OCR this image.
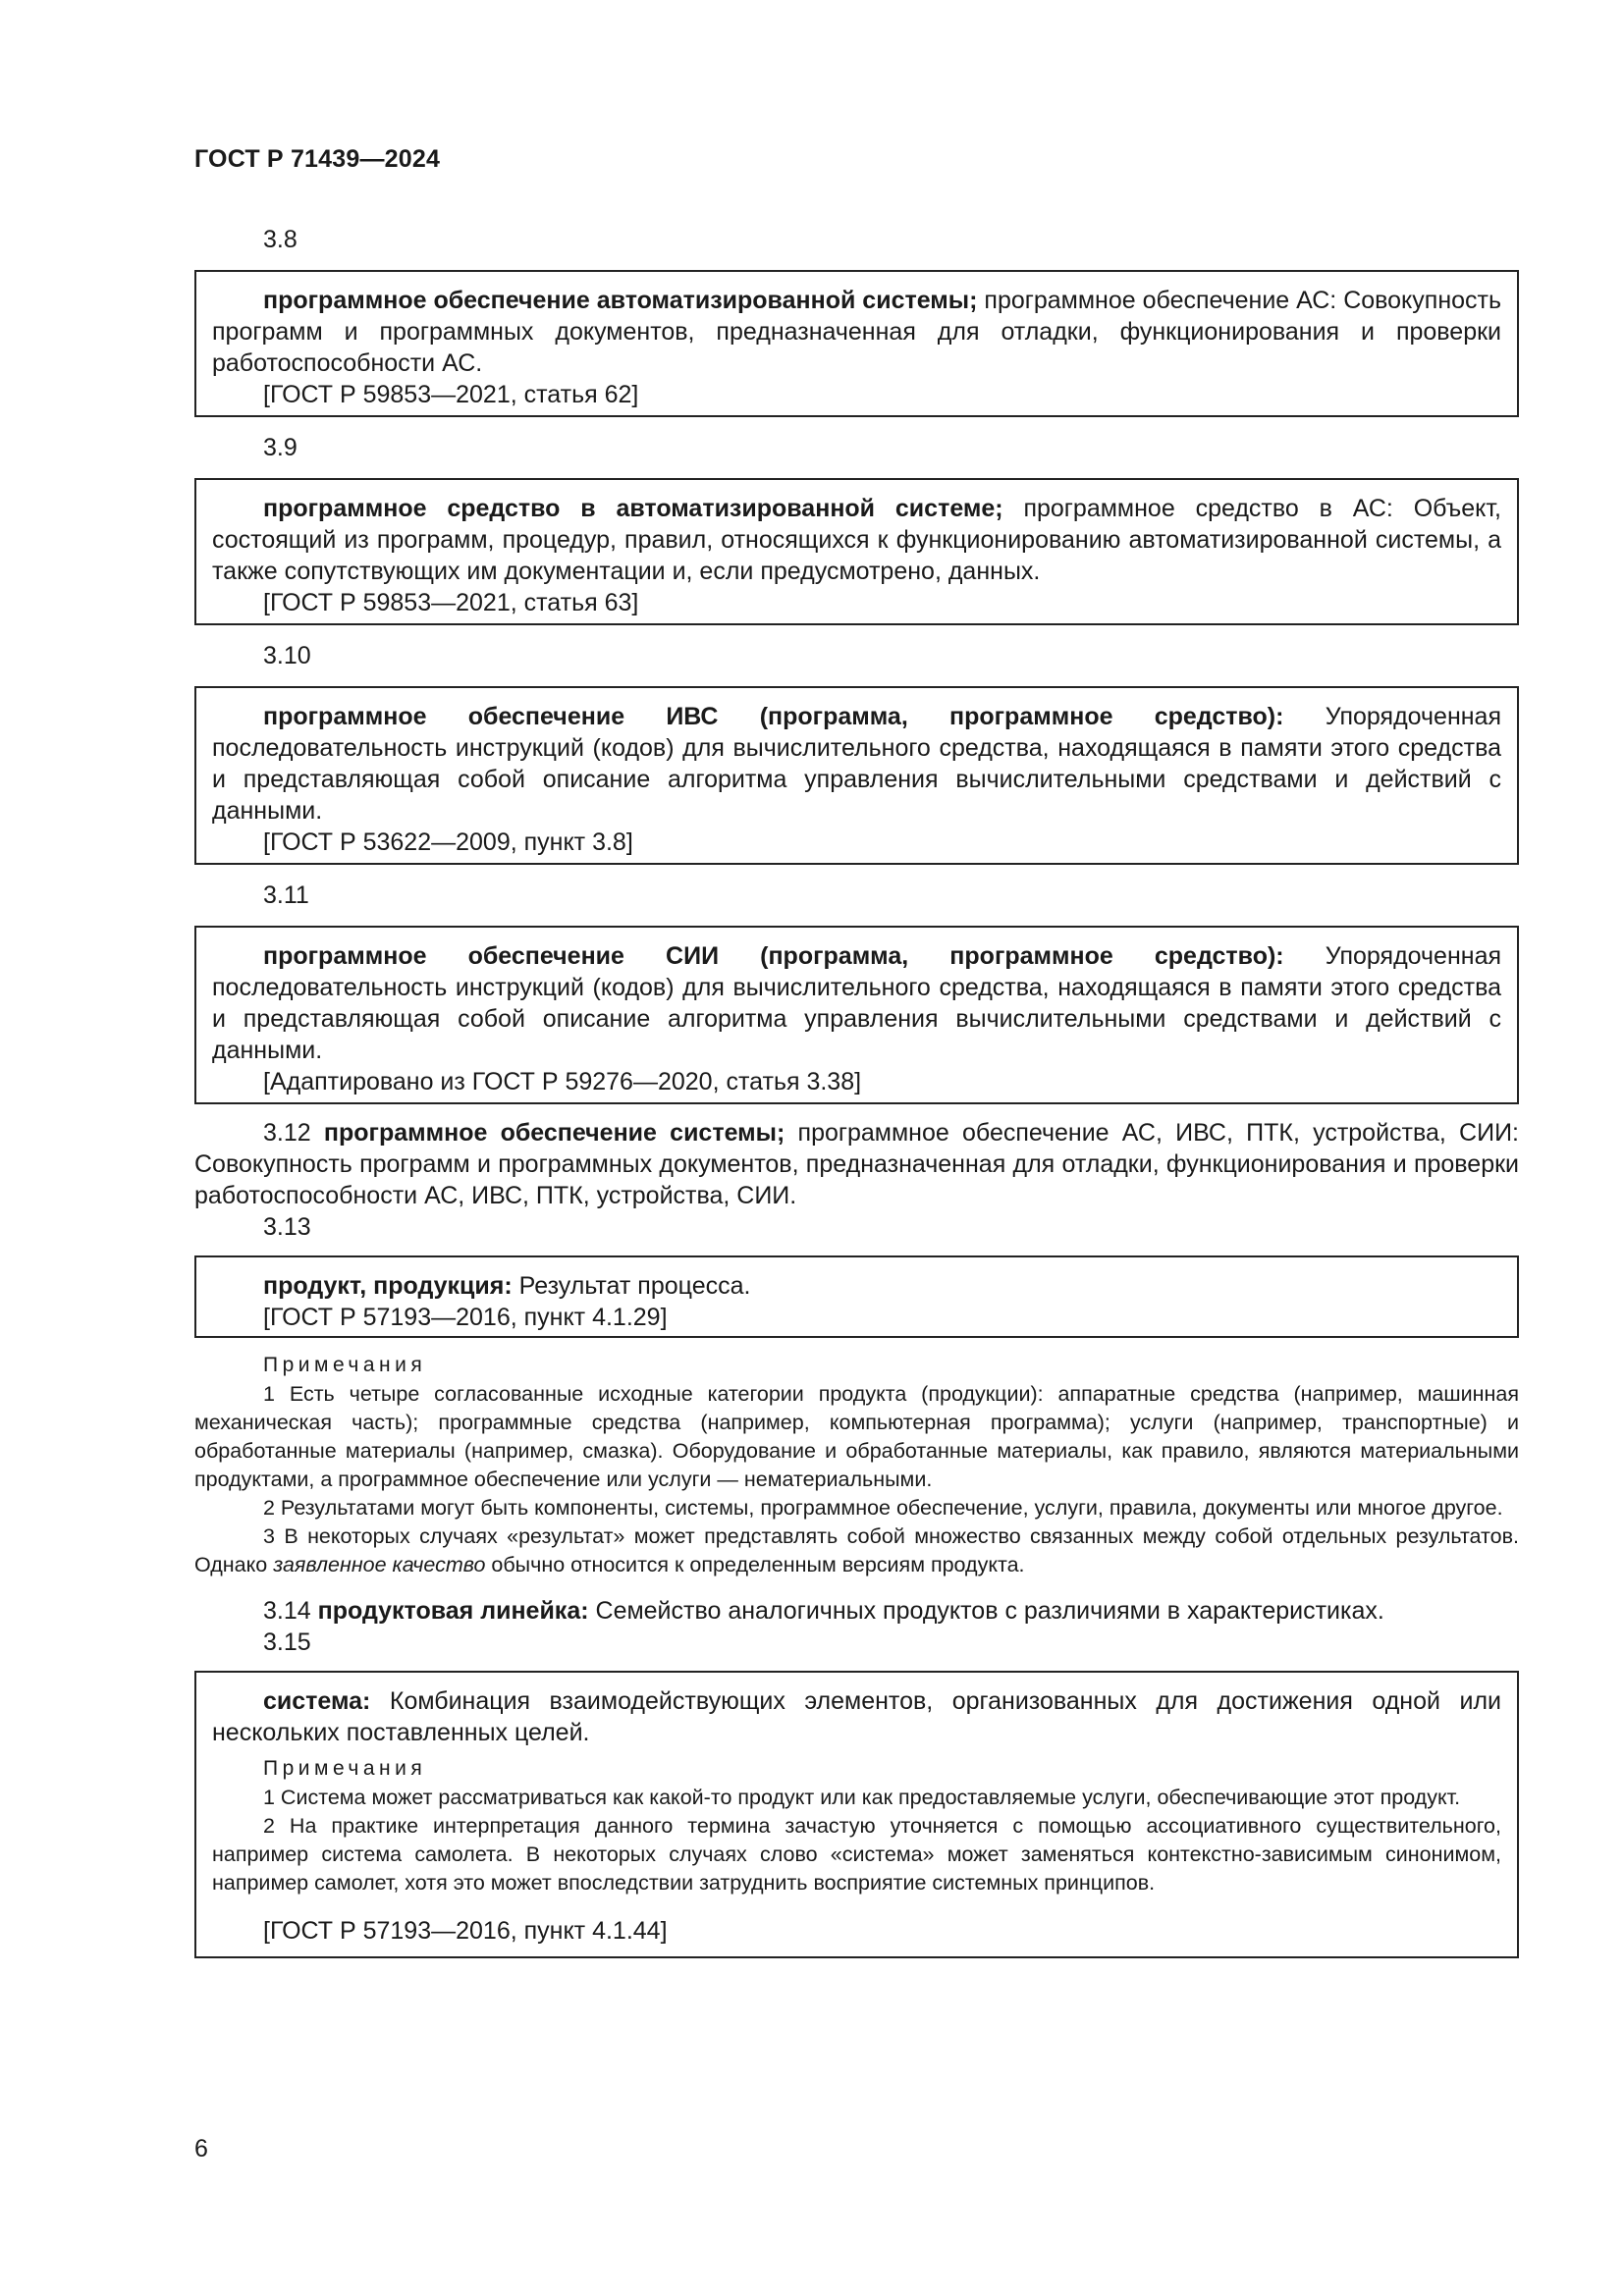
ГОСТ Р 71439—2024
3.8

программное обеспечение автоматизированной системы; программное обеспечение АС: Совокупность программ и программных документов, предназначенная для отладки, функционирования и проверки работоспособности АС.

[ГОСТ Р 59853—2021, статья 62]

3.9

программное средство в автоматизированной системе; программное средство в АС: Объект, состоящий из программ, процедур, правил, относящихся к функционированию автоматизированной системы, а также сопутствующих им документации и, если предусмотрено, данных.

[ГОСТ Р 59853—2021, статья 63]

3.10

программное обеспечение ИВС (программа, программное средство): Упорядоченная последовательность инструкций (кодов) для вычислительного средства, находящаяся в памяти этого средства и представляющая собой описание алгоритма управления вычислительными средствами и действий с данными.

[ГОСТ Р 53622—2009, пункт 3.8]

3.11

программное обеспечение СИИ (программа, программное средство): Упорядоченная последовательность инструкций (кодов) для вычислительного средства, находящаяся в памяти этого средства и представляющая собой описание алгоритма управления вычислительными средствами и действий с данными.

[Адаптировано из ГОСТ Р 59276—2020, статья 3.38]

3.12 программное обеспечение системы; программное обеспечение АС, ИВС, ПТК, устройства, СИИ: Совокупность программ и программных документов, предназначенная для отладки, функционирования и проверки работоспособности АС, ИВС, ПТК, устройства, СИИ.

3.13

продукт, продукция: Результат процесса.

[ГОСТ Р 57193—2016, пункт 4.1.29]

Примечания

1 Есть четыре согласованные исходные категории продукта (продукции): аппаратные средства (например, машинная механическая часть); программные средства (например, компьютерная программа); услуги (например, транспортные) и обработанные материалы (например, смазка). Оборудование и обработанные материалы, как правило, являются материальными продуктами, а программное обеспечение или услуги — нематериальными.

2 Результатами могут быть компоненты, системы, программное обеспечение, услуги, правила, документы или многое другое.

3 В некоторых случаях «результат» может представлять собой множество связанных между собой отдельных результатов. Однако заявленное качество обычно относится к определенным версиям продукта.

3.14 продуктовая линейка: Семейство аналогичных продуктов с различиями в характеристиках.

3.15

система: Комбинация взаимодействующих элементов, организованных для достижения одной или нескольких поставленных целей.

Примечания

1 Система может рассматриваться как какой-то продукт или как предоставляемые услуги, обеспечивающие этот продукт.

2 На практике интерпретация данного термина зачастую уточняется с помощью ассоциативного существительного, например система самолета. В некоторых случаях слово «система» может заменяться контекстно-зависимым синонимом, например самолет, хотя это может впоследствии затруднить восприятие системных принципов.

[ГОСТ Р 57193—2016, пункт 4.1.44]

6
